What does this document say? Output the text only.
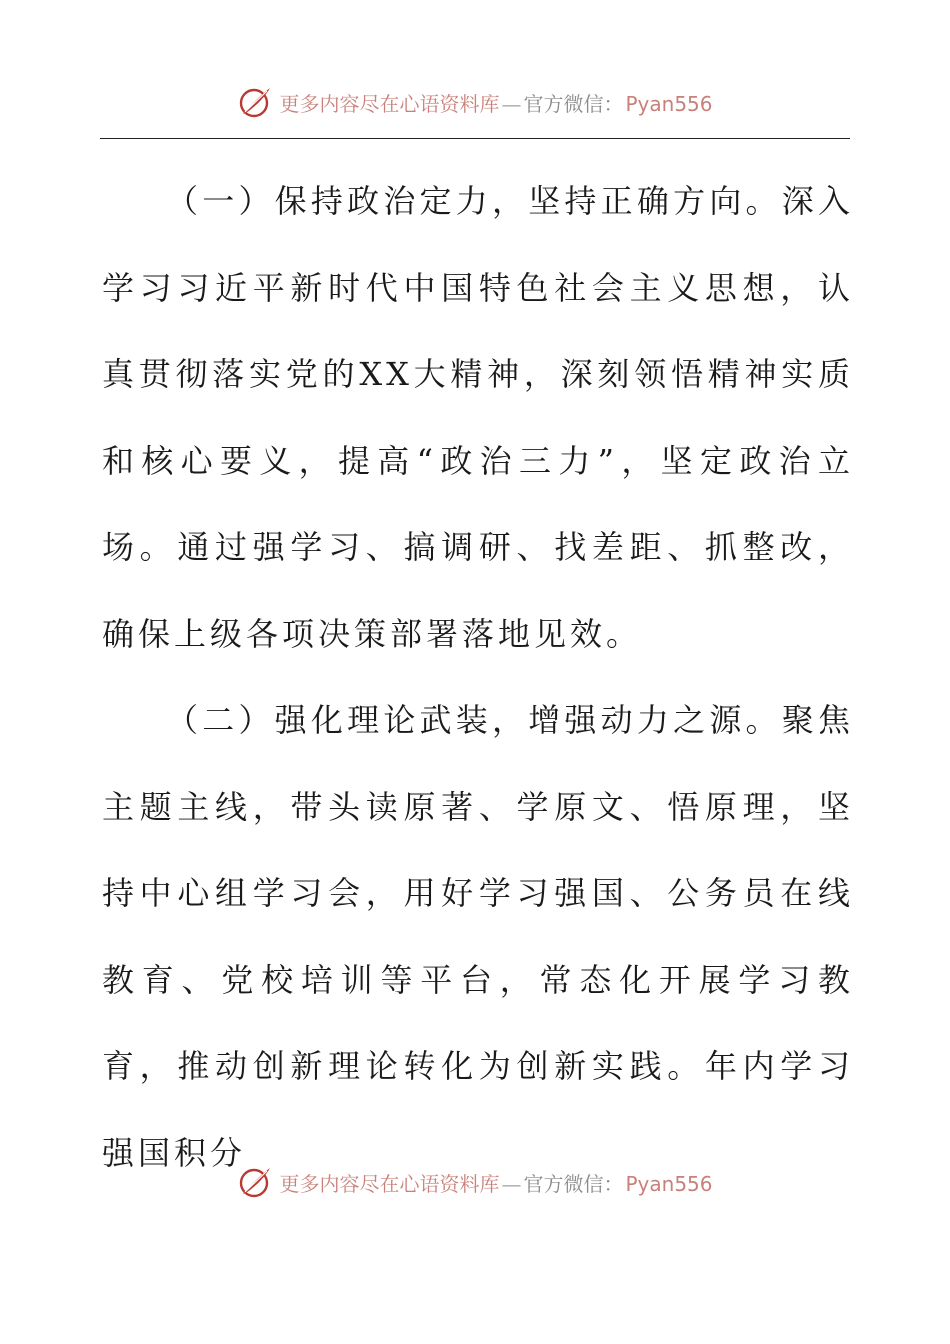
更多内容尽在心语资料库 — 官方微信： Pyan556

（一）保持政治定力，坚持正确方向。深入学习习近平新时代中国特色社会主义思想，认真贯彻落实党的XX大精神，深刻领悟精神实质和核心要义，提高“政治三力”，坚定政治立场。通过强学习、搞调研、找差距、抓整改，确保上级各项决策部署落地见效。

（二）强化理论武装，增强动力之源。聚焦主题主线，带头读原著、学原文、悟原理，坚持中心组学习会，用好学习强国、公务员在线教育、党校培训等平台，常态化开展学习教育，推动创新理论转化为创新实践。年内学习强国积分

更多内容尽在心语资料库 — 官方微信： Pyan556
